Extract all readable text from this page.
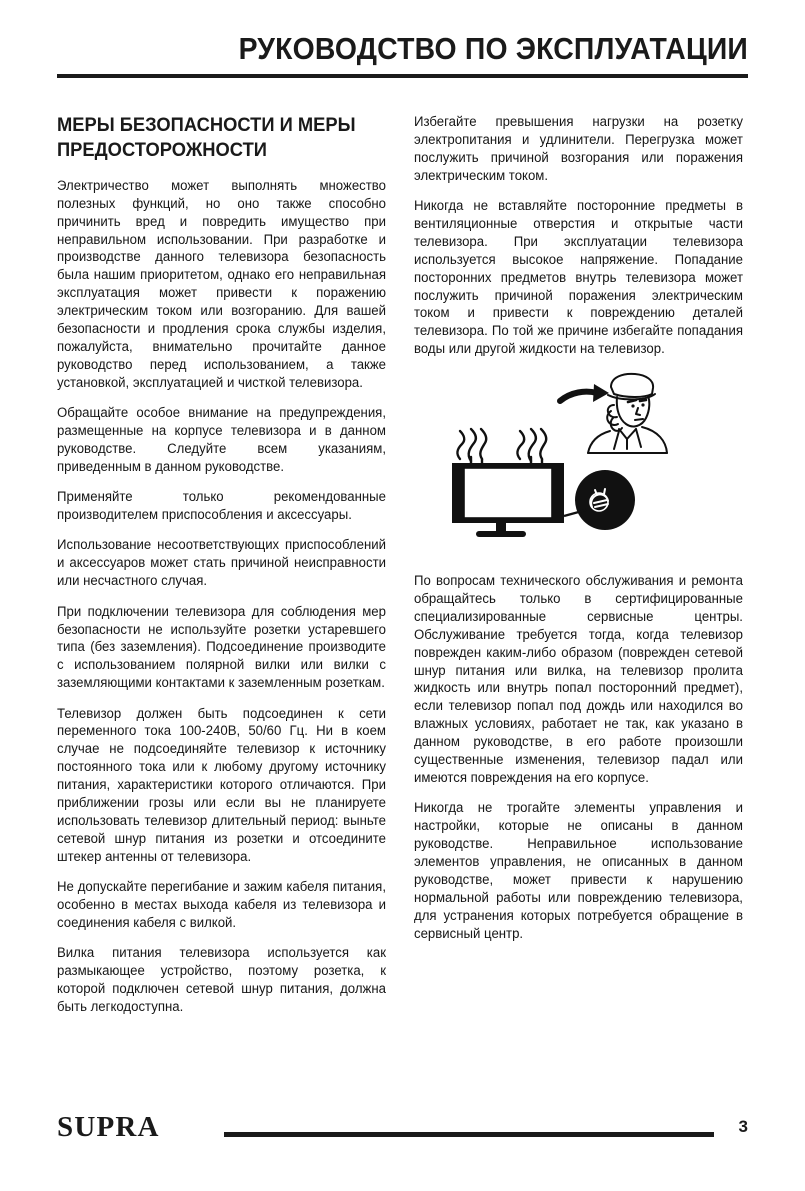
РУКОВОДСТВО ПО ЭКСПЛУАТАЦИИ
МЕРЫ БЕЗОПАСНОСТИ И МЕРЫ ПРЕДОСТОРОЖНОСТИ

Электричество может выполнять множество полезных функций, но оно также способно причинить вред и повредить имущество при неправильном использовании. При разработке и производстве данного телевизора безопасность была нашим приоритетом, однако его неправильная эксплуатация может привести к поражению электрическим током или возгоранию. Для вашей безопасности и продления срока службы изделия, пожалуйста, внимательно прочитайте данное руководство перед использованием, а также установкой, эксплуатацией и чисткой телевизора.

Обращайте особое внимание на предупреждения, размещенные на корпусе телевизора и в данном руководстве. Следуйте всем указаниям, приведенным в данном руководстве.

Применяйте только рекомендованные производителем приспособления и аксессуары.

Использование несоответствующих приспособлений и аксессуаров может стать причиной неисправности или несчастного случая.

При подключении телевизора для соблюдения мер безопасности не используйте розетки устаревшего типа (без заземления). Подсоединение производите с использованием полярной вилки или вилки с заземляющими контактами к заземленным розеткам.

Телевизор должен быть подсоединен к сети переменного тока 100-240В, 50/60 Гц. Ни в коем случае не подсоединяйте телевизор к источнику постоянного тока или к любому другому источнику питания, характеристики которого отличаются. При приближении грозы или если вы не планируете использовать телевизор длительный период: выньте сетевой шнур питания из розетки и отсоедините штекер антенны от телевизора.

Не допускайте перегибание и зажим кабеля питания, особенно в местах выхода кабеля из телевизора и соединения кабеля с вилкой.

Вилка питания телевизора используется как размыкающее устройство, поэтому розетка, к которой подключен сетевой шнур питания, должна быть легкодоступна.

Избегайте превышения нагрузки на розетку электропитания и удлинители. Перегрузка может послужить причиной возгорания или поражения электрическим током.

Никогда не вставляйте посторонние предметы в вентиляционные отверстия и открытые части телевизора. При эксплуатации телевизора используется высокое напряжение. Попадание посторонних предметов внутрь телевизора может послужить причиной поражения электрическим током и привести к повреждению деталей телевизора. По той же причине избегайте попадания воды или другой жидкости на телевизор.

По вопросам технического обслуживания и ремонта обращайтесь только в сертифицированные специализированные сервисные центры. Обслуживание требуется тогда, когда телевизор поврежден каким-либо образом (поврежден сетевой шнур питания или вилка, на телевизор пролита жидкость или внутрь попал посторонний предмет), если телевизор попал под дождь или находился во влажных условиях, работает не так, как указано в данном руководстве, в его работе произошли существенные изменения, телевизор падал или имеются повреждения на его корпусе.

Никогда не трогайте элементы управления и настройки, которые не описаны в данном руководстве. Неправильное использование элементов управления, не описанных в данном руководстве, может привести к нарушению нормальной работы или повреждению телевизора, для устранения которых потребуется обращение в сервисный центр.

SUPRA	3
